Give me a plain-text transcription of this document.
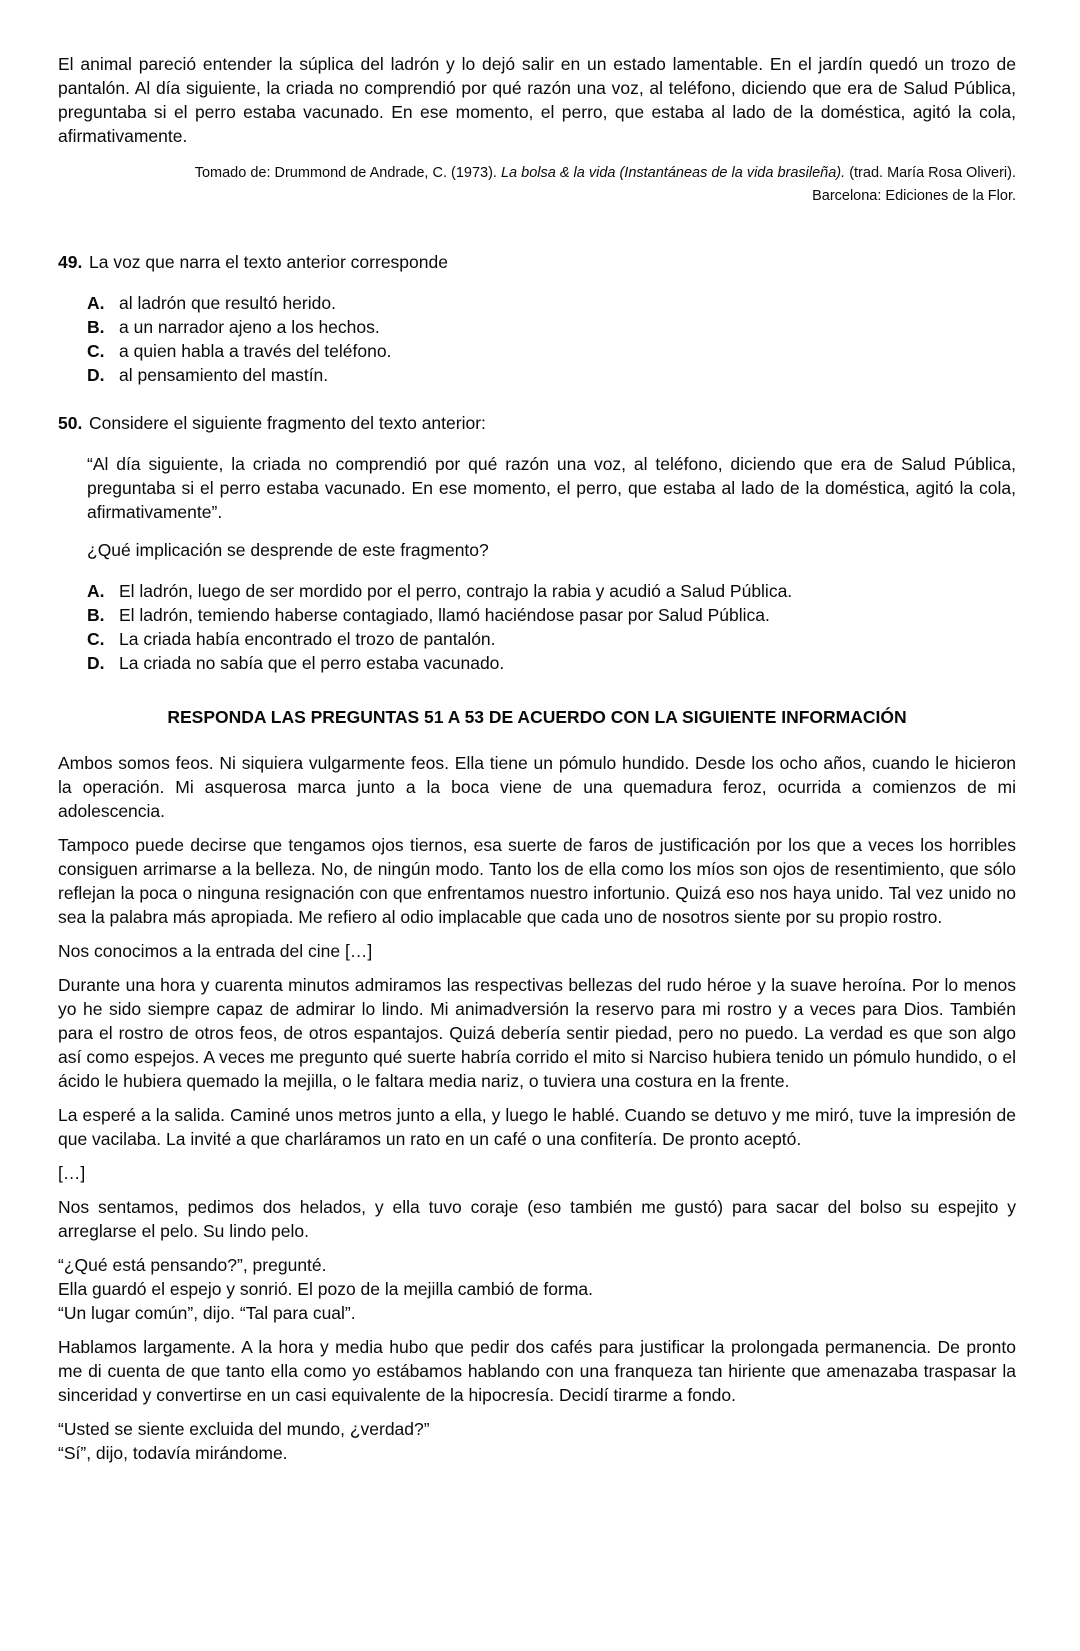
El animal pareció entender la súplica del ladrón y lo dejó salir en un estado lamentable. En el jardín quedó un trozo de pantalón. Al día siguiente, la criada no comprendió por qué razón una voz, al teléfono, diciendo que era de Salud Pública, preguntaba si el perro estaba vacunado. En ese momento, el perro, que estaba al lado de la doméstica, agitó la cola, afirmativamente.

Tomado de: Drummond de Andrade, C. (1973). La bolsa & la vida (Instantáneas de la vida brasileña). (trad. María Rosa Oliveri).
Barcelona: Ediciones de la Flor.
49. La voz que narra el texto anterior corresponde
A. al ladrón que resultó herido.
B. a un narrador ajeno a los hechos.
C. a quien habla a través del teléfono.
D. al pensamiento del mastín.
50. Considere el siguiente fragmento del texto anterior:

“Al día siguiente, la criada no comprendió por qué razón una voz, al teléfono, diciendo que era de Salud Pública, preguntaba si el perro estaba vacunado. En ese momento, el perro, que estaba al lado de la doméstica, agitó la cola, afirmativamente”.

¿Qué implicación se desprende de este fragmento?

A. El ladrón, luego de ser mordido por el perro, contrajo la rabia y acudió a Salud Pública.
B. El ladrón, temiendo haberse contagiado, llamó haciéndose pasar por Salud Pública.
C. La criada había encontrado el trozo de pantalón.
D. La criada no sabía que el perro estaba vacunado.
RESPONDA LAS PREGUNTAS 51 A 53 DE ACUERDO CON LA SIGUIENTE INFORMACIÓN

Ambos somos feos. Ni siquiera vulgarmente feos. Ella tiene un pómulo hundido. Desde los ocho años, cuando le hicieron la operación. Mi asquerosa marca junto a la boca viene de una quemadura feroz, ocurrida a comienzos de mi adolescencia.

Tampoco puede decirse que tengamos ojos tiernos, esa suerte de faros de justificación por los que a veces los horribles consiguen arrimarse a la belleza. No, de ningún modo. Tanto los de ella como los míos son ojos de resentimiento, que sólo reflejan la poca o ninguna resignación con que enfrentamos nuestro infortunio. Quizá eso nos haya unido. Tal vez unido no sea la palabra más apropiada. Me refiero al odio implacable que cada uno de nosotros siente por su propio rostro.

Nos conocimos a la entrada del cine […]

Durante una hora y cuarenta minutos admiramos las respectivas bellezas del rudo héroe y la suave heroína. Por lo menos yo he sido siempre capaz de admirar lo lindo. Mi animadversión la reservo para mi rostro y a veces para Dios. También para el rostro de otros feos, de otros espantajos. Quizá debería sentir piedad, pero no puedo. La verdad es que son algo así como espejos. A veces me pregunto qué suerte habría corrido el mito si Narciso hubiera tenido un pómulo hundido, o el ácido le hubiera quemado la mejilla, o le faltara media nariz, o tuviera una costura en la frente.

La esperé a la salida. Caminé unos metros junto a ella, y luego le hablé. Cuando se detuvo y me miró, tuve la impresión de que vacilaba. La invité a que charláramos un rato en un café o una confitería. De pronto aceptó.

[…]

Nos sentamos, pedimos dos helados, y ella tuvo coraje (eso también me gustó) para sacar del bolso su espejito y arreglarse el pelo. Su lindo pelo.

“¿Qué está pensando?”, pregunté.
Ella guardó el espejo y sonrió. El pozo de la mejilla cambió de forma.
“Un lugar común”, dijo. “Tal para cual”.

Hablamos largamente. A la hora y media hubo que pedir dos cafés para justificar la prolongada permanencia. De pronto me di cuenta de que tanto ella como yo estábamos hablando con una franqueza tan hiriente que amenazaba traspasar la sinceridad y convertirse en un casi equivalente de la hipocresía. Decidí tirarme a fondo.

“Usted se siente excluida del mundo, ¿verdad?”
“Sí”, dijo, todavía mirándome.
